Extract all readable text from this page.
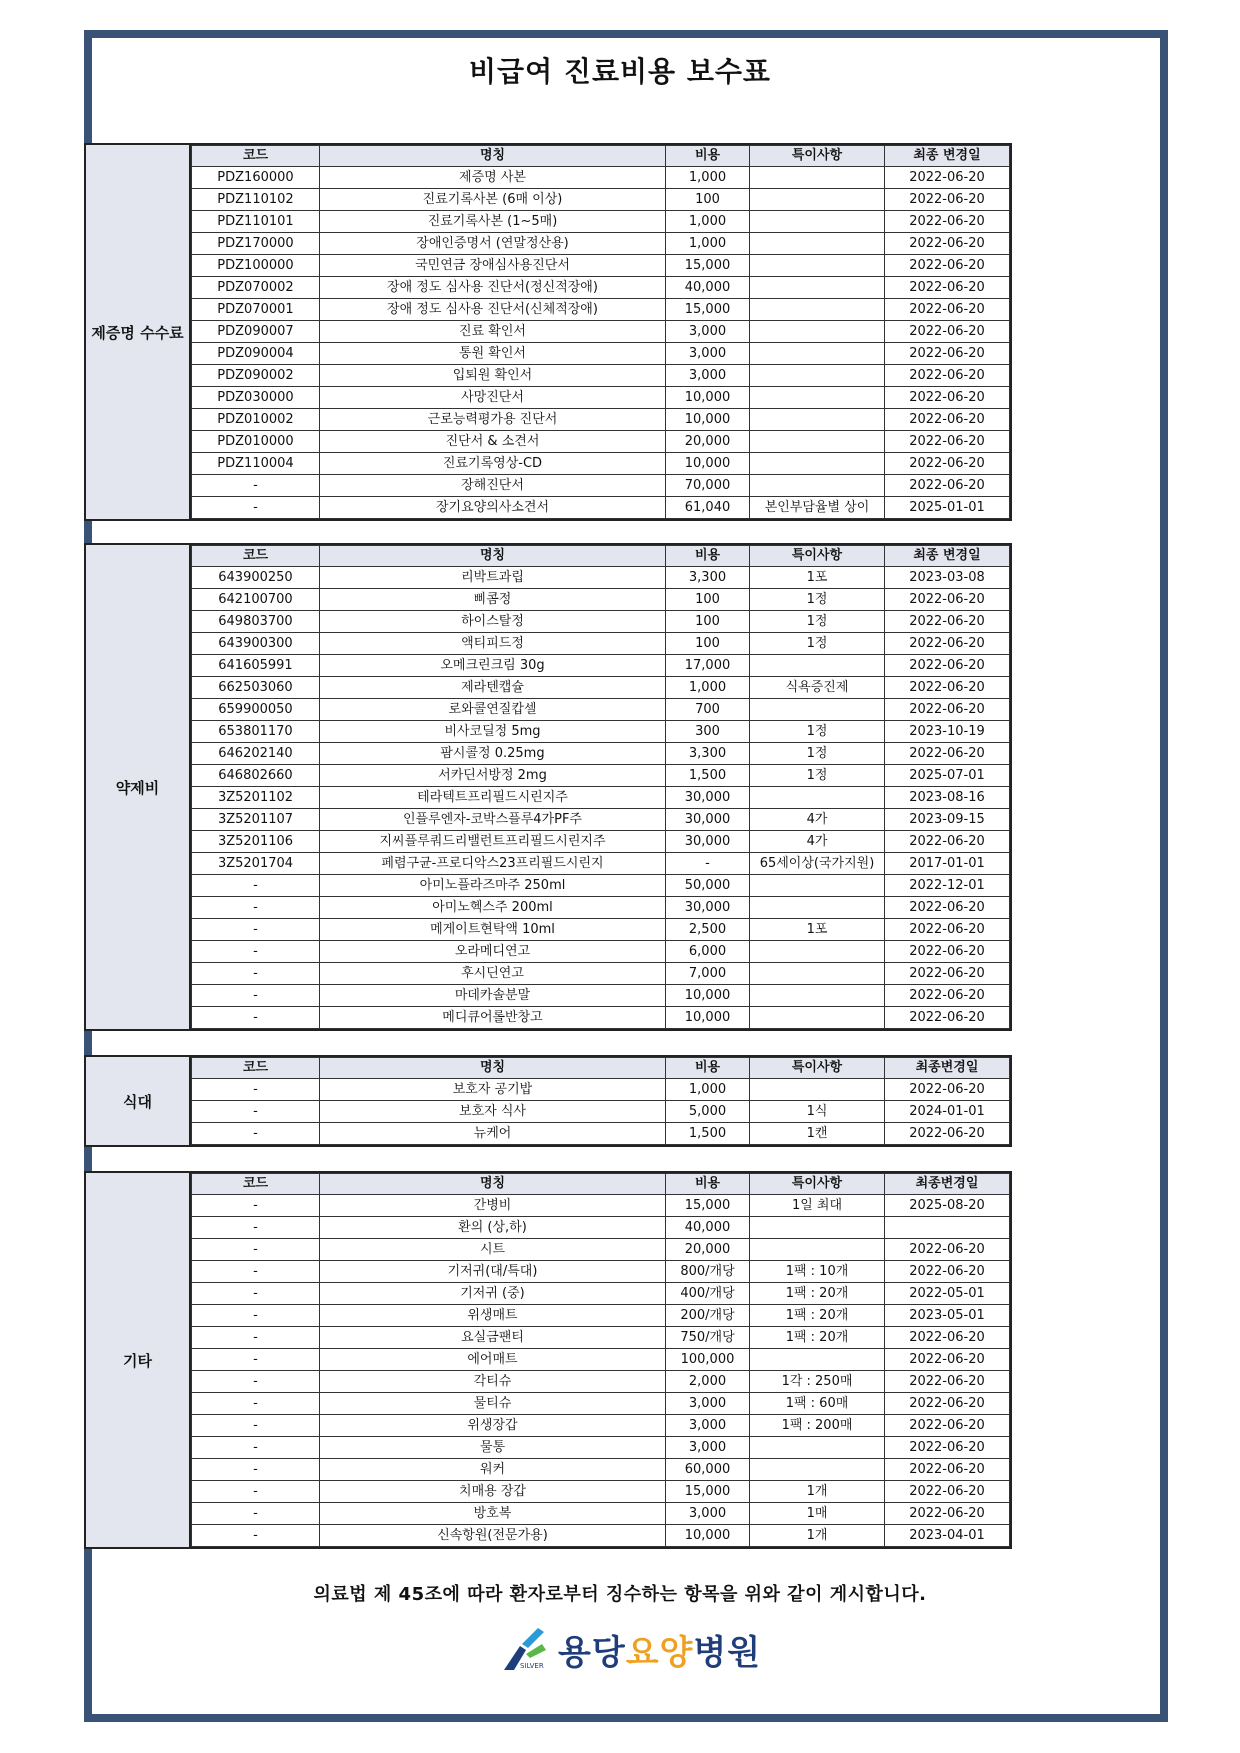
비급여 진료비용 보수표
제증명 수수료
코드	명칭	비용	특이사항	최종 변경일
PDZ160000	제증명 사본	1,000		2022-06-20
PDZ110102	진료기록사본 (6매 이상)	100		2022-06-20
PDZ110101	진료기록사본 (1~5매)	1,000		2022-06-20
PDZ170000	장애인증명서 (연말정산용)	1,000		2022-06-20
PDZ100000	국민연금 장애심사용진단서	15,000		2022-06-20
PDZ070002	장애 정도 심사용 진단서(정신적장애)	40,000		2022-06-20
PDZ070001	장애 정도 심사용 진단서(신체적장애)	15,000		2022-06-20
PDZ090007	진료 확인서	3,000		2022-06-20
PDZ090004	통원 확인서	3,000		2022-06-20
PDZ090002	입퇴원 확인서	3,000		2022-06-20
PDZ030000	사망진단서	10,000		2022-06-20
PDZ010002	근로능력평가용 진단서	10,000		2022-06-20
PDZ010000	진단서 & 소견서	20,000		2022-06-20
PDZ110004	진료기록영상-CD	10,000		2022-06-20
-	장해진단서	70,000		2022-06-20
-	장기요양의사소견서	61,040	본인부담율별 상이	2025-01-01
약제비
코드	명칭	비용	특이사항	최종 변경일
643900250	리박트과립	3,300	1포	2023-03-08
642100700	삐콤정	100	1정	2022-06-20
649803700	하이스탈정	100	1정	2022-06-20
643900300	액티피드정	100	1정	2022-06-20
641605991	오메크린크림 30g	17,000		2022-06-20
662503060	제라텐캡슐	1,000	식욕증진제	2022-06-20
659900050	로와콜연질캅셀	700		2022-06-20
653801170	비사코딜정 5mg	300	1정	2023-10-19
646202140	팜시콜정 0.25mg	3,300	1정	2022-06-20
646802660	서카딘서방정 2mg	1,500	1정	2025-07-01
3Z5201102	테라텍트프리필드시린지주	30,000		2023-08-16
3Z5201107	인플루엔자-코박스플루4가PF주	30,000	4가	2023-09-15
3Z5201106	지씨플루쿼드리밸런트프리필드시린지주	30,000	4가	2022-06-20
3Z5201704	페렴구균-프로디악스23프리필드시린지	-	65세이상(국가지원)	2017-01-01
-	아미노플라즈마주 250ml	50,000		2022-12-01
-	아미노헥스주 200ml	30,000		2022-06-20
-	메게이트현탁액 10ml	2,500	1포	2022-06-20
-	오라메디연고	6,000		2022-06-20
-	후시딘연고	7,000		2022-06-20
-	마데카솔분말	10,000		2022-06-20
-	메디큐어롤반창고	10,000		2022-06-20
식대
코드	명칭	비용	특이사항	최종변경일
-	보호자 공기밥	1,000		2022-06-20
-	보호자 식사	5,000	1식	2024-01-01
-	뉴케어	1,500	1캔	2022-06-20
기타
코드	명칭	비용	특이사항	최종변경일
-	간병비	15,000	1일 최대	2025-08-20
-	환의 (상,하)	40,000		
-	시트	20,000		2022-06-20
-	기저귀(대/특대)	800/개당	1팩 : 10개	2022-06-20
-	기저귀 (중)	400/개당	1팩 : 20개	2022-05-01
-	위생매트	200/개당	1팩 : 20개	2023-05-01
-	요실금팬티	750/개당	1팩 : 20개	2022-06-20
-	에어매트	100,000		2022-06-20
-	각티슈	2,000	1각 : 250매	2022-06-20
-	물티슈	3,000	1팩 : 60매	2022-06-20
-	위생장갑	3,000	1팩 : 200매	2022-06-20
-	물통	3,000		2022-06-20
-	워커	60,000		2022-06-20
-	치매용 장갑	15,000	1개	2022-06-20
-	방호복	3,000	1매	2022-06-20
-	신속항원(전문가용)	10,000	1개	2023-04-01
의료법 제 45조에 따라 환자로부터 징수하는 항목을 위와 같이 게시합니다.
SILVER 용당요양병원
